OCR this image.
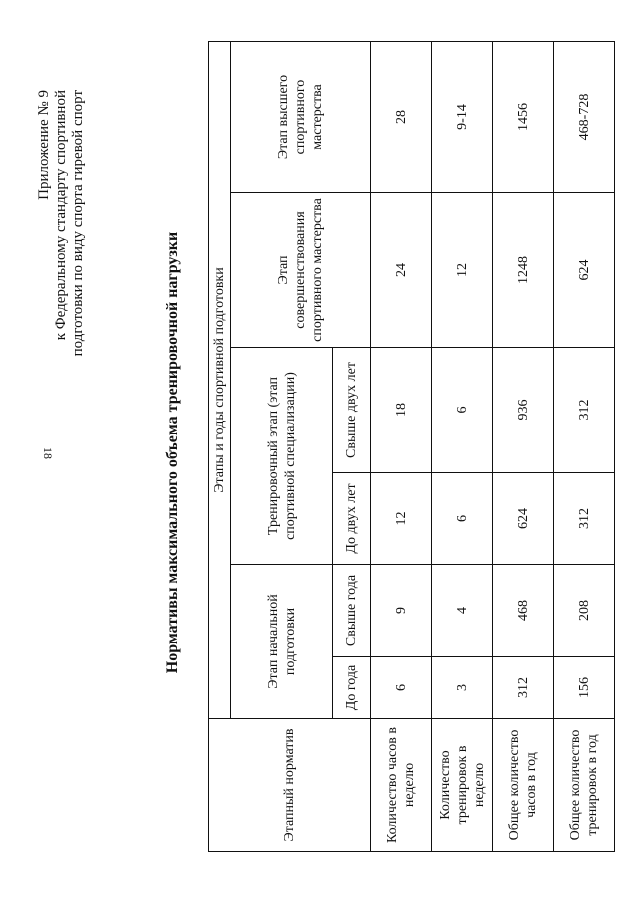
18
Приложение № 9 к Федеральному стандарту спортивной подготовки по виду спорта гиревой спорт
Нормативы максимального объема тренировочной нагрузки
Этапный норматив	Этапы и годы спортивной подготовки					
	Этап начальной подготовки		Тренировочный этап (этап спортивной специализации)		Этап совершенствования спортивного мастерства	Этап высшего спортивного мастерства
	До года	Свыше года	До двух лет	Свыше двух лет		
Количество часов в неделю	6	9	12	18	24	28
Количество тренировок в неделю	3	4	6	6	12	9-14
Общее количество часов в год	312	468	624	936	1248	1456
Общее количество тренировок в год	156	208	312	312	624	468-728
